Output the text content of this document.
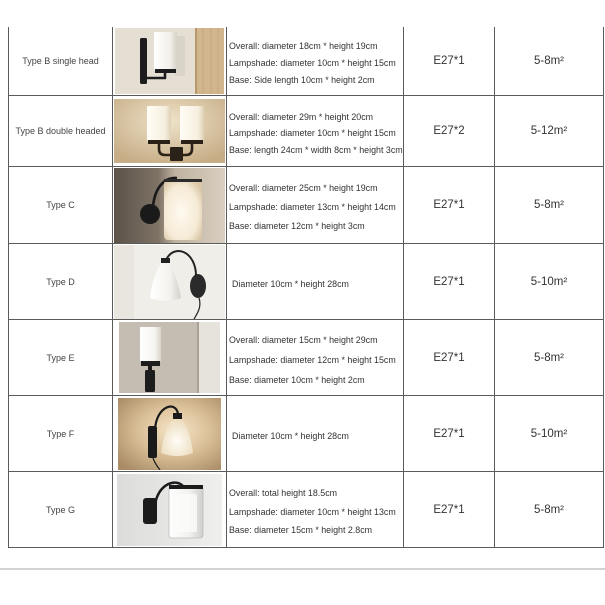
Type B single head		Overall: diameter 18cm * height 19cm
Lampshade: diameter 10cm * height 15cm
Base: Side length 10cm * height 2cm	E27*1	5-8m²
Type B double headed		Overall: diameter 29m * height 20cm
Lampshade: diameter 10cm * height 15cm
Base: length 24cm * width 8cm * height 3cm	E27*2	5-12m²
Type C		Overall: diameter 25cm * height 19cm
Lampshade: diameter 13cm * height 14cm
Base: diameter 12cm * height 3cm	E27*1	5-8m²
Type D		Diameter 10cm * height 28cm	E27*1	5-10m²
Type E		Overall: diameter 15cm * height 29cm
Lampshade: diameter 12cm * height 15cm
Base: diameter 10cm * height 2cm	E27*1	5-8m²
Type F		Diameter 10cm * height 28cm	E27*1	5-10m²
Type G		Overall: total height 18.5cm
Lampshade: diameter 10cm * height 13cm
Base: diameter 15cm * height 2.8cm	E27*1	5-8m²
